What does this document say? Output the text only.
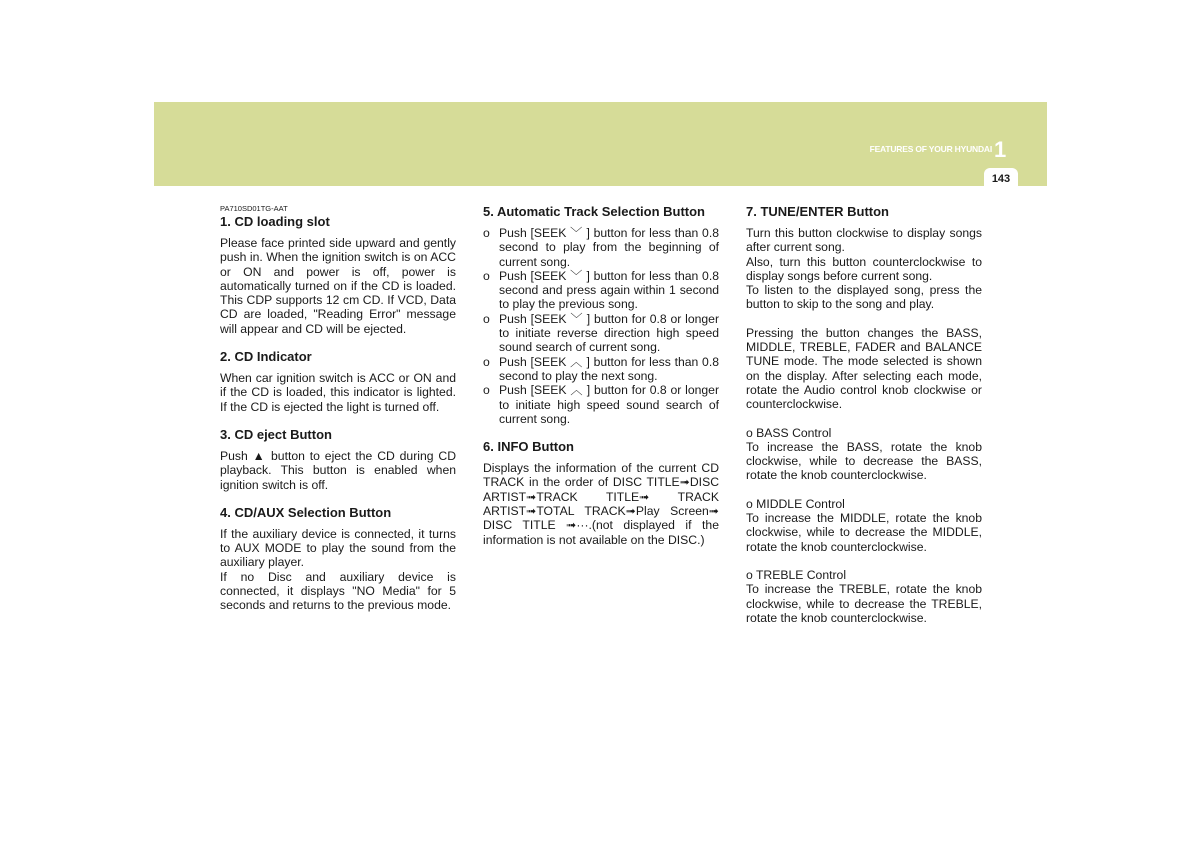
FEATURES OF YOUR HYUNDAI 1
143
PA710SD01TG-AAT
1. CD loading slot

Please face printed side upward and gently push in. When the ignition switch is on ACC or ON and power is off, power is automatically turned on if the CD is loaded. This CDP supports 12 cm CD. If VCD, Data CD are loaded, "Reading Error" message will appear and CD will be ejected.

2. CD Indicator

When car ignition switch is ACC or ON and if the CD is loaded, this indicator is lighted. If the CD is ejected the light is turned off.

3. CD eject Button

Push ▲ button to eject the CD during CD playback. This button is enabled when ignition switch is off.

4. CD/AUX Selection Button

If the auxiliary device is connected, it turns to AUX MODE to play the sound from the auxiliary player.

If no Disc and auxiliary device is connected, it displays "NO Media" for 5 seconds and returns to the previous mode.

5. Automatic Track Selection Button
o Push [SEEK ﹀ ] button for less than 0.8 second to play from the beginning of current song.
o Push [SEEK ﹀ ] button for less than 0.8 second and press again within 1 second to play the previous song.
o Push [SEEK ﹀ ] button for 0.8 or longer to initiate reverse direction high speed sound search of current song.
o Push [SEEK ︿ ] button for less than 0.8 second to play the next song.
o Push [SEEK ︿ ] button for 0.8 or longer to initiate high speed sound search of current song.
6. INFO Button

Displays the information of the current CD TRACK in the order of DISC TITLE➟DISC ARTIST➟TRACK TITLE➟ TRACK ARTIST➟TOTAL TRACK➟Play Screen➟ DISC TITLE ➟···.(not displayed if the information is not available on the DISC.)

7. TUNE/ENTER Button

Turn this button clockwise to display songs after current song.

Also, turn this button counterclockwise to display songs before current song.

To listen to the displayed song, press the button to skip to the song and play.

Pressing the button changes the BASS, MIDDLE, TREBLE, FADER and BALANCE TUNE mode. The mode selected is shown on the display. After selecting each mode, rotate the Audio control knob clockwise or counterclockwise.

o BASS Control

To increase the BASS, rotate the knob clockwise, while to decrease the BASS, rotate the knob counterclockwise.

o MIDDLE Control

To increase the MIDDLE, rotate the knob clockwise, while to decrease the MIDDLE, rotate the knob counterclockwise.

o TREBLE Control

To increase the TREBLE, rotate the knob clockwise, while to decrease the TREBLE, rotate the knob counterclockwise.
